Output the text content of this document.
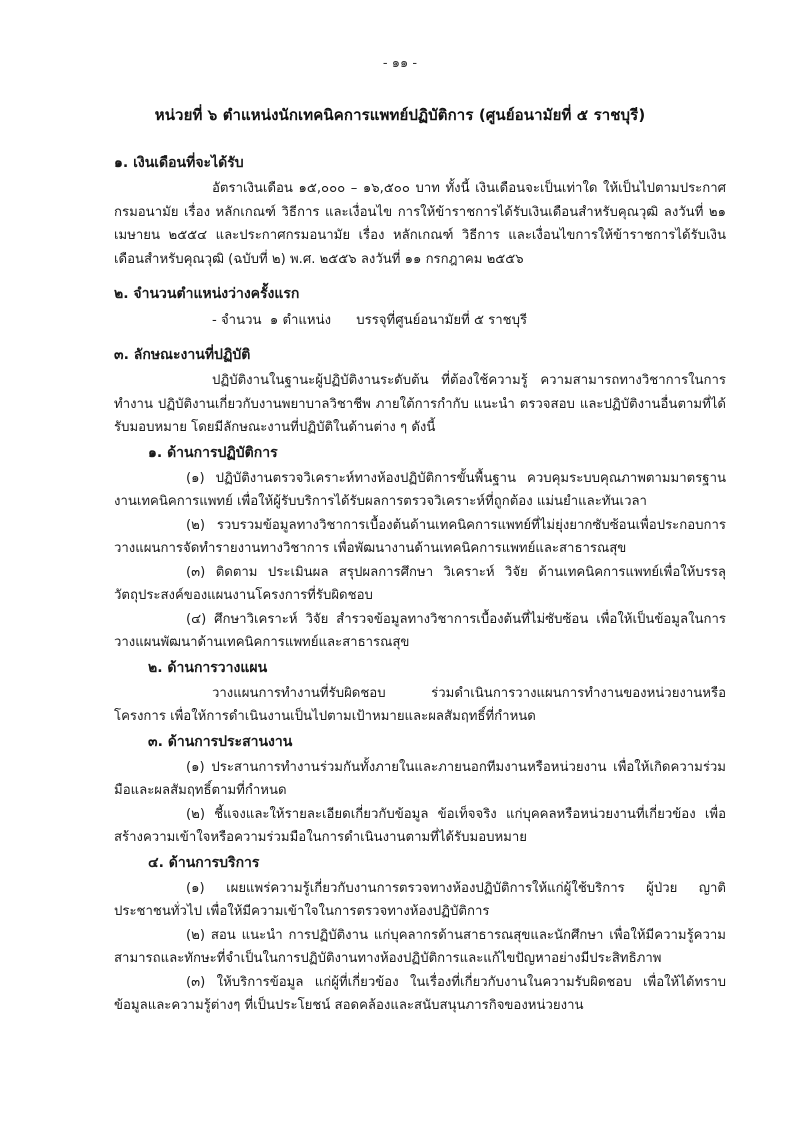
- ๑๑ -
หน่วยที่ ๖ ตำแหน่งนักเทคนิคการแพทย์ปฏิบัติการ (ศูนย์อนามัยที่ ๕ ราชบุรี)
๑. เงินเดือนที่จะได้รับ

อัตราเงินเดือน ๑๕,๐๐๐ – ๑๖,๕๐๐ บาท ทั้งนี้ เงินเดือนจะเป็นเท่าใด ให้เป็นไปตามประกาศกรมอนามัย เรื่อง หลักเกณฑ์ วิธีการ และเงื่อนไข การให้ข้าราชการได้รับเงินเดือนสำหรับคุณวุฒิ ลงวันที่ ๒๑ เมษายน ๒๕๕๔ และประกาศกรมอนามัย เรื่อง หลักเกณฑ์ วิธีการ และเงื่อนไขการให้ข้าราชการได้รับเงินเดือนสำหรับคุณวุฒิ (ฉบับที่ ๒) พ.ศ. ๒๕๕๖ ลงวันที่ ๑๑ กรกฎาคม ๒๕๕๖

๒. จำนวนตำแหน่งว่างครั้งแรก
- จำนวน  ๑ ตำแหน่ง บรรจุที่ศูนย์อนามัยที่ ๕ ราชบุรี
๓. ลักษณะงานที่ปฏิบัติ

ปฏิบัติงานในฐานะผู้ปฏิบัติงานระดับต้น ที่ต้องใช้ความรู้ ความสามารถทางวิชาการในการทำงาน ปฏิบัติงานเกี่ยวกับงานพยาบาลวิชาชีพ ภายใต้การกำกับ แนะนำ ตรวจสอบ และปฏิบัติงานอื่นตามที่ได้รับมอบหมาย โดยมีลักษณะงานที่ปฏิบัติในด้านต่าง ๆ ดังนี้

๑. ด้านการปฏิบัติการ

(๑) ปฏิบัติงานตรวจวิเคราะห์ทางห้องปฏิบัติการขั้นพื้นฐาน ควบคุมระบบคุณภาพตามมาตรฐานงานเทคนิคการแพทย์ เพื่อให้ผู้รับบริการได้รับผลการตรวจวิเคราะห์ที่ถูกต้อง แม่นยำและทันเวลา

(๒) รวบรวมข้อมูลทางวิชาการเบื้องต้นด้านเทคนิคการแพทย์ที่ไม่ยุ่งยากซับซ้อนเพื่อประกอบการวางแผนการจัดทำรายงานทางวิชาการ เพื่อพัฒนางานด้านเทคนิคการแพทย์และสาธารณสุข

(๓) ติดตาม ประเมินผล สรุปผลการศึกษา วิเคราะห์ วิจัย ด้านเทคนิคการแพทย์เพื่อให้บรรลุวัตถุประสงค์ของแผนงานโครงการที่รับผิดชอบ

(๔) ศึกษาวิเคราะห์ วิจัย สำรวจข้อมูลทางวิชาการเบื้องต้นที่ไม่ซับซ้อน เพื่อให้เป็นข้อมูลในการวางแผนพัฒนาด้านเทคนิคการแพทย์และสาธารณสุข

๒. ด้านการวางแผน

วางแผนการทำงานที่รับผิดชอบ ร่วมดำเนินการวางแผนการทำงานของหน่วยงานหรือโครงการ เพื่อให้การดำเนินงานเป็นไปตามเป้าหมายและผลสัมฤทธิ์ที่กำหนด

๓. ด้านการประสานงาน

(๑) ประสานการทำงานร่วมกันทั้งภายในและภายนอกทีมงานหรือหน่วยงาน เพื่อให้เกิดความร่วมมือและผลสัมฤทธิ์ตามที่กำหนด

(๒) ชี้แจงและให้รายละเอียดเกี่ยวกับข้อมูล ข้อเท็จจริง แก่บุคคลหรือหน่วยงานที่เกี่ยวข้อง เพื่อสร้างความเข้าใจหรือความร่วมมือในการดำเนินงานตามที่ได้รับมอบหมาย

๔. ด้านการบริการ

(๑) เผยแพร่ความรู้เกี่ยวกับงานการตรวจทางห้องปฏิบัติการให้แก่ผู้ใช้บริการ ผู้ป่วย ญาติ ประชาชนทั่วไป เพื่อให้มีความเข้าใจในการตรวจทางห้องปฏิบัติการ

(๒) สอน แนะนำ การปฏิบัติงาน แก่บุคลากรด้านสาธารณสุขและนักศึกษา เพื่อให้มีความรู้ความสามารถและทักษะที่จำเป็นในการปฏิบัติงานทางห้องปฏิบัติการและแก้ไขปัญหาอย่างมีประสิทธิภาพ

(๓) ให้บริการข้อมูล แก่ผู้ที่เกี่ยวข้อง ในเรื่องที่เกี่ยวกับงานในความรับผิดชอบ เพื่อให้ได้ทราบข้อมูลและความรู้ต่างๆ ที่เป็นประโยชน์ สอดคล้องและสนับสนุนภารกิจของหน่วยงาน
